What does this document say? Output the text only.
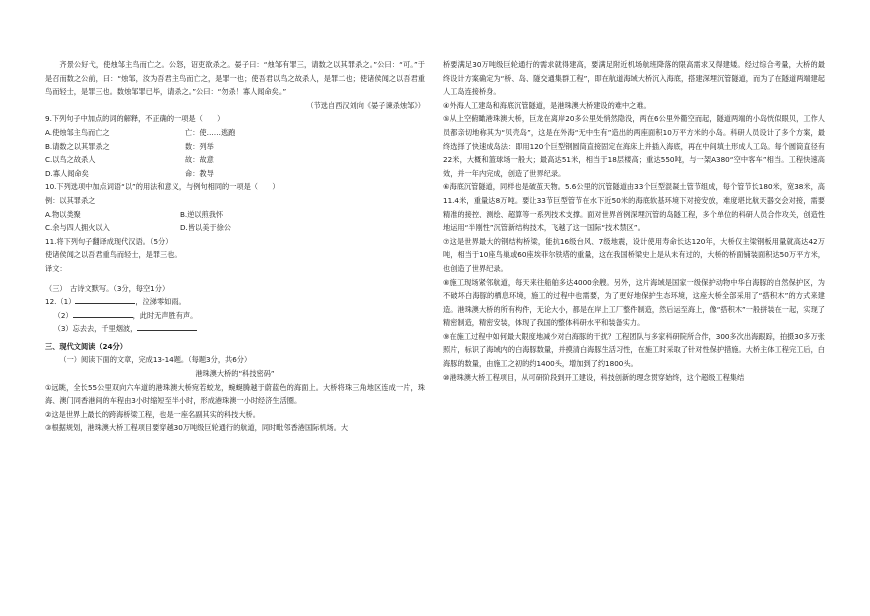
齐景公好弋，使烛邹主鸟而亡之。公怒，诏吏欲杀之。晏子曰：“烛邹有罪三，请数之以其罪杀之。”公曰：“可。”于是召而数之公前，曰：“烛邹，汝为吾君主鸟而亡之，是罪一也；使吾君以鸟之故杀人，是罪二也；使诸侯闻之以吾君重鸟而轻士，是罪三也。数烛邹罪已毕，请杀之。”公曰：“勿杀！寡人闻命矣。”

（节选自西汉刘向《晏子谏杀烛邹》）

9.下列句子中加点的词的解释，不正确的一项是（　　）

A.使烛邹主鸟而亡之	亡：使……逃跑
B.请数之以其罪杀之	数：列举
C.以鸟之故杀人	故：故意
D.寡人闻命矣	命：教导

10.下列选项中加点词语“以”的用法和意义，与例句相同的一项是（　　）

例：以其罪杀之

A.物以类聚	B.逆以煎我怀
C.余与四人拥火以入	D.皆以美于徐公

11.将下列句子翻译成现代汉语。（5分）

使诸侯闻之以吾君重鸟而轻士，是罪三也。

译文：

（三）　古诗文默写。（3分，每空1分）

12.（1）	，泣涕零如雨。

（2）	，此时无声胜有声。

（3）忘去去，千里烟波，

三、现代文阅读（24分）

（一）阅读下面的文章，完成13-14题。（每题3分，共6分）

港珠澳大桥的“科技密码”

①远眺，全长55公里双向六车道的港珠澳大桥宛若蛟龙，蜿蜒腾越于蔚蓝色的海面上。大桥将珠三角地区连成一片，珠海、澳门同香港间的车程由3小时缩短至半小时，形成港珠澳一小时经济生活圈。

②这是世界上最长的跨海桥梁工程，也是一座名副其实的科技大桥。

③根据规划，港珠澳大桥工程项目要穿越30万吨级巨轮通行的航道，同时毗邻香港国际机场。大

桥要满足30万吨级巨轮通行的需求就得建高，要满足附近机场航班降落的限高需求又得建矮。经过综合考量，大桥的最终设计方案确定为“桥、岛、隧交通集群工程”，即在航道海域大桥沉入海底，搭建深埋沉管隧道，而为了在隧道两端建起人工岛连接桥身。

④外海人工建岛和海底沉管隧道，是港珠澳大桥建设的难中之难。

⑤从上空俯瞰港珠澳大桥，巨龙在离岸20多公里处悄然隐没，两在6公里外衢空而起，隧道两端的小岛恍似眼贝，工作人员都亲切地称其为“贝壳岛”，这是在外海“无中生有”造出的两座面积10万平方米的小岛。科研人员设计了多个方案，最终选择了快速成岛法：即用120个巨型钢圆筒直接固定在海床上并插入海底，再在中间填土形成人工岛。每个圆筒直径有22米，大概和篮球场一般大；最高达51米，相当于18层楼高；重达550吨，与一架A380“空中客车”相当。工程快速高效，并一年内完成，创造了世界纪录。

⑥海底沉管隧道，同样也是破茧天物。5.6公里的沉管隧道由33个巨型混凝土管节组成，每个管节长180米，宽38米，高11.4米，重量达8万吨。要让33节巨型管节在水下近50米的海底软基环境下对接安放，难度堪比航天器交会对接，需要精准的接控、测绘、超算等一系列技术支撑。面对世界首例深埋沉管的岛隧工程，多个单位的科研人员合作攻关，创造性地运用“半刚性”沉管新结构技术，飞越了这一国际“技术禁区”。

⑦这是世界最大的钢结构桥梁，能抗16级台风、7级地震，设计使用寿命长达120年，大桥仅主梁钢板用量就高达42万吨，相当于10座鸟巢或60座埃菲尔铁塔的重量，这在我国桥梁史上是从未有过的，大桥的桥面铺装面积达50万平方米，也创造了世界纪录。

⑧施工现场紧邻航道，每天来往船舶多达4000余艘。另外，这片海域是国家一级保护动物中华白海豚的自然保护区，为不破坏白海豚的栖息环境，施工的过程中也需要，为了更好地保护生态环境，这座大桥全部采用了“搭积木”的方式来建造。港珠澳大桥的所有构件，无论大小，都是在岸上工厂整件制造，然后运至海上，像“搭积木”一般拼装在一起，实现了精密制造，精密安装，体现了我国的整体科研水平和装备实力。

⑨在施工过程中如何最大限度地减少对白海豚的干扰？工程团队与多家科研院所合作，300多次出海跟踪，拍摄30多万张照片，标识了海域内的白海豚数量，并摸清白海豚生活习性，在施工时采取了针对性保护措施。大桥主体工程完工后，白海豚的数量，由施工之初的约1400头，增加到了约1800头。

⑩港珠澳大桥工程项目，从可研阶段到开工建设，科技创新的理念贯穿始终，这个超级工程集结
